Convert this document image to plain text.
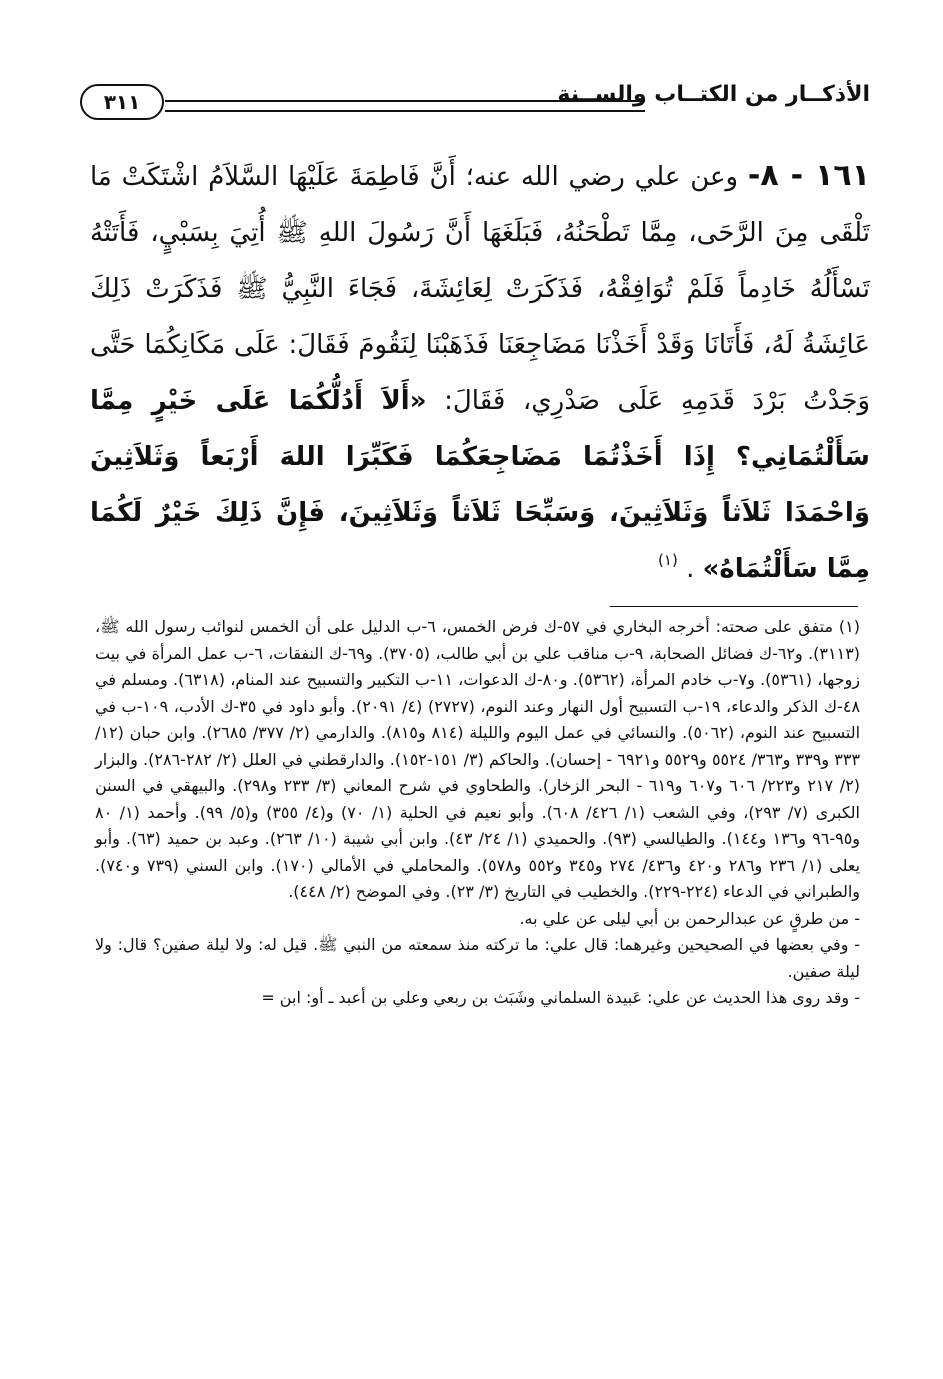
الأذكــار من الكتــاب والســنة
٣١١

١٦١ - ٨- وعن علي رضي الله عنه؛ أَنَّ فَاطِمَةَ عَلَيْهَا السَّلاَمُ اشْتَكَتْ مَا تَلْقَى مِنَ الرَّحَى، مِمَّا تَطْحَنُهُ، فَبَلَغَهَا أَنَّ رَسُولَ اللهِ ﷺ أُتِيَ بِسَبْيٍ، فَأَتَتْهُ تَسْأَلُهُ خَادِماً فَلَمْ تُوَافِقْهُ، فَذَكَرَتْ لِعَائِشَةَ، فَجَاءَ النَّبِيُّ ﷺ فَذَكَرَتْ ذَلِكَ عَائِشَةُ لَهُ، فَأَتَانَا وَقَدْ أَخَذْنَا مَضَاجِعَنَا فَذَهَبْنَا لِنَقُومَ فَقَالَ: عَلَى مَكَانِكُمَا حَتَّى وَجَدْتُ بَرْدَ قَدَمِهِ عَلَى صَدْرِي، فَقَالَ: «أَلاَ أَدُلُّكُمَا عَلَى خَيْرٍ مِمَّا سَأَلْتُمَانِي؟ إِذَا أَخَذْتُمَا مَضَاجِعَكُمَا فَكَبِّرَا اللهَ أَرْبَعاً وَثَلاَثِينَ وَاحْمَدَا ثَلاَثاً وَثَلاَثِينَ، وَسَبِّحَا ثَلاَثاً وَثَلاَثِينَ، فَإِنَّ ذَلِكَ خَيْرٌ لَكُمَا مِمَّا سَأَلْتُمَاهُ» . $^{(١)}$

(١) متفق على صحته: أخرجه البخاري في ٥٧-ك فرض الخمس، ٦-ب الدليل على أن الخمس لنوائب رسول الله ﷺ، (٣١١٣). و٦٢-ك فضائل الصحابة، ٩-ب مناقب علي بن أبي طالب، (٣٧٠٥). و٦٩-ك النفقات، ٦-ب عمل المرأة في بيت زوجها، (٥٣٦١). و٧-ب خادم المرأة، (٥٣٦٢). و٨٠-ك الدعوات، ١١-ب التكبير والتسبيح عند المنام، (٦٣١٨). ومسلم في ٤٨-ك الذكر والدعاء، ١٩-ب التسبيح أول النهار وعند النوم، (٢٧٢٧) (٤/ ٢٠٩١). وأبو داود في ٣٥-ك الأدب، ١٠٩-ب في التسبيح عند النوم، (٥٠٦٢). والنسائي في عمل اليوم والليلة (٨١٤ و٨١٥). والدارمي (٢/ ٣٧٧/ ٢٦٨٥). وابن حبان (١٢/ ٣٣٣ و٣٣٩ و٣٦٣/ ٥٥٢٤ و٥٥٢٩ و٦٩٢١ - إحسان). والحاكم (٣/ ١٥١-١٥٢). والدارقطني في العلل (٢/ ٢٨٢-٢٨٦). والبزار (٢/ ٢١٧ و٢٢٣/ ٦٠٦ و٦٠٧ و٦١٩ - البحر الزخار). والطحاوي في شرح المعاني (٣/ ٢٣٣ و٢٩٨). والبيهقي في السنن الكبرى (٧/ ٢٩٣)، وفي الشعب (١/ ٤٢٦/ ٦٠٨). وأبو نعيم في الحلية (١/ ٧٠) و(٤/ ٣٥٥) و(٥/ ٩٩). وأحمد (١/ ٨٠ و٩٥-٩٦ و١٣٦ و١٤٤). والطيالسي (٩٣). والحميدي (١/ ٢٤/ ٤٣). وابن أبي شيبة (١٠/ ٢٦٣). وعبد بن حميد (٦٣). وأبو يعلى (١/ ٢٣٦ و٢٨٦ و٤٢٠ و٤٣٦/ ٢٧٤ و٣٤٥ و٥٥٢ و٥٧٨). والمحاملي في الأمالي (١٧٠). وابن السني (٧٣٩ و٧٤٠). والطبراني في الدعاء (٢٢٤-٢٢٩). والخطيب في التاريخ (٣/ ٢٣). وفي الموضح (٢/ ٤٤٨).

- من طرقٍ عن عبدالرحمن بن أبي ليلى عن علي به.

- وفي بعضها في الصحيحين وغيرهما: قال علي: ما تركته منذ سمعته من النبي ﷺ. قيل له: ولا ليلة صفين؟ قال: ولا ليلة صفين.

- وقد روى هذا الحديث عن علي: عَبيدة السلماني وشَبَث بن ربعي وعلي بن أعبد ـ أو: ابن =
